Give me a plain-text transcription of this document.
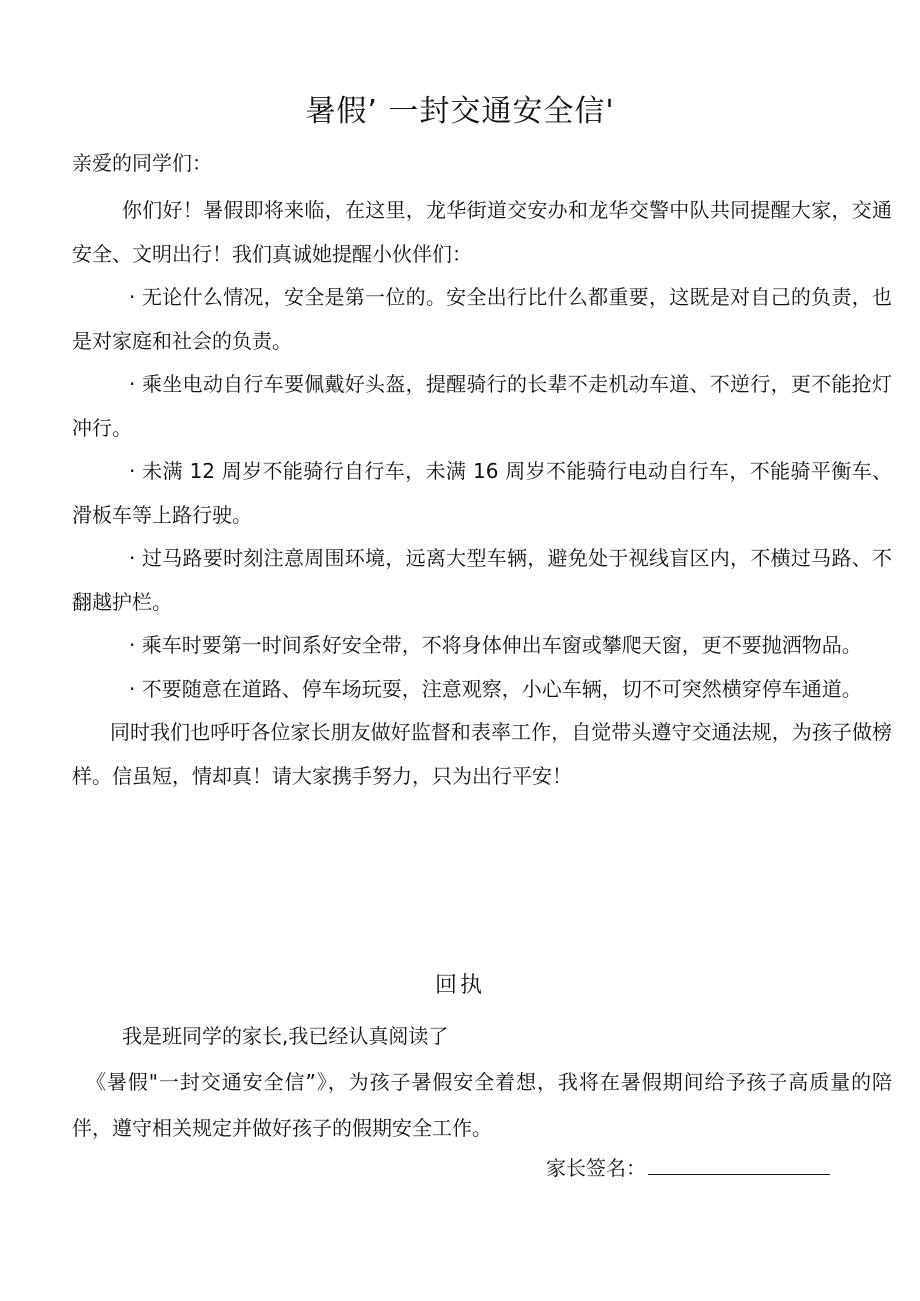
暑假’ 一封交通安全信'
亲爱的同学们：

你们好！暑假即将来临，在这里，龙华街道交安办和龙华交警中队共同提醒大家，交通安全、文明出行！我们真诚她提醒小伙伴们：

· 无论什么情况，安全是第一位的。安全出行比什么都重要，这既是对自己的负责，也是对家庭和社会的负责。

· 乘坐电动自行车要佩戴好头盔，提醒骑行的长辈不走机动车道、不逆行，更不能抢灯冲行。

· 未满 12 周岁不能骑行自行车，未满 16 周岁不能骑行电动自行车，不能骑平衡车、滑板车等上路行驶。

· 过马路要时刻注意周围环境，远离大型车辆，避免处于视线盲区内，不横过马路、不翻越护栏。

· 乘车时要第一时间系好安全带，不将身体伸出车窗或攀爬天窗，更不要抛洒物品。

· 不要随意在道路、停车场玩耍，注意观察，小心车辆，切不可突然横穿停车通道。

同时我们也呼吁各位家长朋友做好监督和表率工作，自觉带头遵守交通法规，为孩子做榜样。信虽短，情却真！请大家携手努力，只为出行平安！

回执
我是班同学的家长,我已经认真阅读了
《暑假"一封交通安全信”》，为孩子暑假安全着想，我将在暑假期间给予孩子高质量的陪伴，遵守相关规定并做好孩子的假期安全工作。
家长签名：
